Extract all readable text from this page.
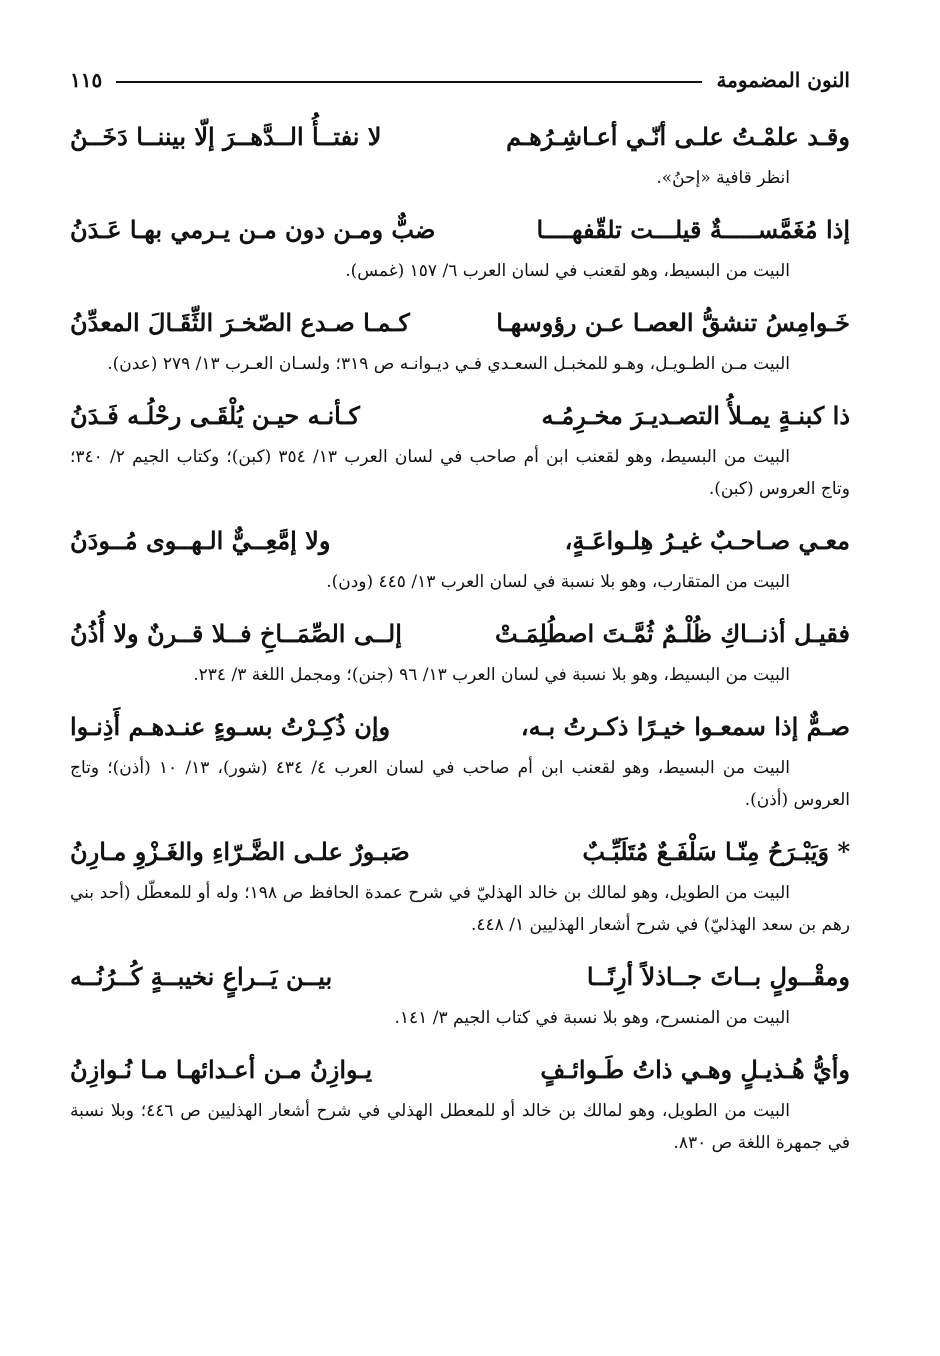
النون المضمومة
١١٥
وقـد علمْـتُ علـى أنّـي أعـاشِـرُهـم
لا نفتــأُ الــدَّهــرَ إلّا بيننــا دَخَــنُ
انظر قافية «إحنُ».
إذا مُغَمَّســـــةٌ قيلـــت تلقّفهــــا
ضبٌّ ومـن دون مـن يـرمي بهـا عَـدَنُ
البيت من البسيط، وهو لقعنب في لسان العرب ٦/ ١٥٧ (غمس).
خَـوامِسُ تنشقُّ العصـا عـن رؤوسهـا
كـمـا صـدع الصّخـرَ الثِّقَـالَ المعدِّنُ
البيت مـن الطـويـل، وهـو للمخبـل السعـدي فـي ديـوانـه ص ٣١٩؛ ولسـان العـرب ١٣/ ٢٧٩ (عدن).
ذا كبنـةٍ يمـلأُ التصـديـرَ مخـرِمُـه
كـأنـه حيـن يُلْقَـى رحْلُـه فَـدَنُ
البيت من البسيط، وهو لقعنب ابن أم صاحب في لسان العرب ١٣/ ٣٥٤ (كبن)؛ وكتاب الجيم ٢/ ٣٤٠؛ وتاج العروس (كبن).
معـي صـاحـبٌ غيـرُ هِلـواعَـةٍ،
ولا إمَّعِــيٌّ الـهــوى مُــودَنُ
البيت من المتقارب، وهو بلا نسبة في لسان العرب ١٣/ ٤٤٥ (ودن).
فقيـل أذنــاكِ ظُلْـمٌ ثُمَّـتَ اصطُلِمَـتْ
إلــى الصِّمَــاخِ فــلا قــرنٌ ولا أُذُنُ
البيت من البسيط، وهو بلا نسبة في لسان العرب ١٣/ ٩٦ (جنن)؛ ومجمل اللغة ٣/ ٢٣٤.
صـمٌّ إذا سمعـوا خيـرًا ذكـرتُ بـه،
وإن ذُكِـرْتُ بسـوءٍ عنـدهـم أَذِنـوا
البيت من البسيط، وهو لقعنب ابن أم صاحب في لسان العرب ٤/ ٤٣٤ (شور)، ١٣/ ١٠ (أذن)؛ وتاج العروس (أذن).
* وَيَبْـرَحُ مِنّـا سَلْفَـعٌ مُتَلَبِّـبٌ
صَبـورٌ علـى الضَّـرّاءِ والغَـزْوِ مـارِنُ
البيت من الطويل، وهو لمالك بن خالد الهذليّ في شرح عمدة الحافظ ص ١٩٨؛ وله أو للمعطّل (أحد بني رهم بن سعد الهذليّ) في شرح أشعار الهذليين ١/ ٤٤٨.
ومقْــولٍ بــاتَ جــاذلاً أرِنًــا
بيــن يَــراعٍ نخيبــةٍ كُــرُنُــه
البيت من المنسرح، وهو بلا نسبة في كتاب الجيم ٣/ ١٤١.
وأيُّ هُـذيـلٍ وهـي ذاتُ طَـوائـفٍ
يـوازِنُ مـن أعـدائهـا مـا نُـوازِنُ
البيت من الطويل، وهو لمالك بن خالد أو للمعطل الهذلي في شرح أشعار الهذليين ص ٤٤٦؛ وبلا نسبة في جمهرة اللغة ص ٨٣٠.
